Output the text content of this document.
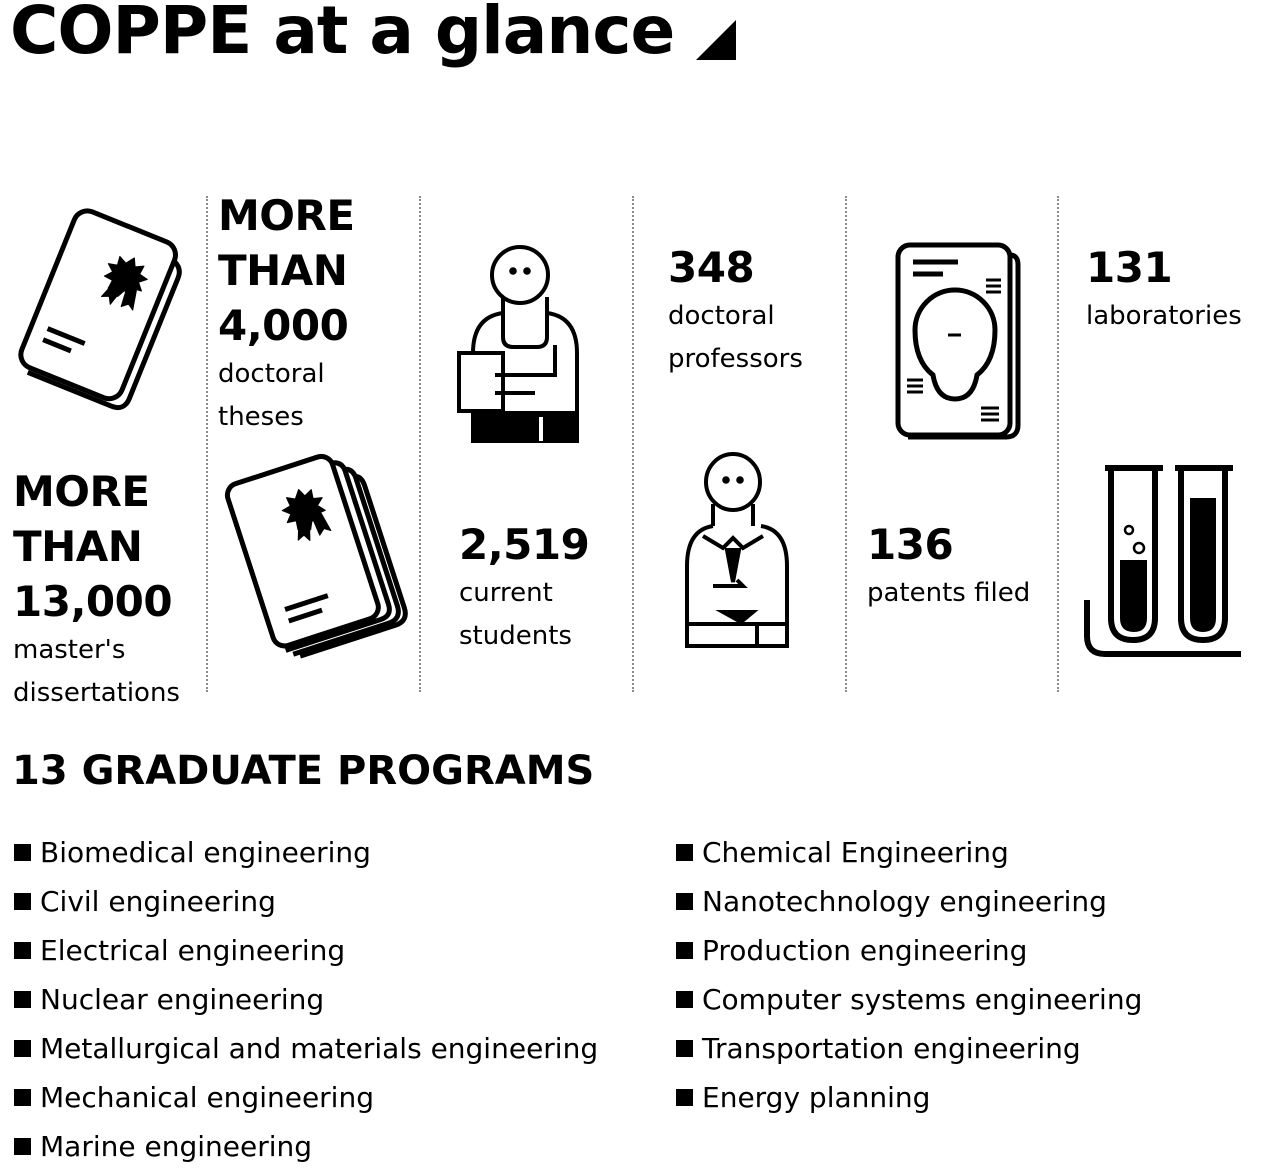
COPPE at a glance
MORE
THAN
4,000
doctoral
theses
MORE
THAN
13,000
master's
dissertations
2,519
current
students
348
doctoral
professors
136
patents filed
131
laboratories
13 GRADUATE PROGRAMS
Biomedical engineering
Civil engineering
Electrical engineering
Nuclear engineering
Metallurgical and materials engineering
Mechanical engineering
Marine engineering
Chemical Engineering
Nanotechnology engineering
Production engineering
Computer systems engineering
Transportation engineering
Energy planning
